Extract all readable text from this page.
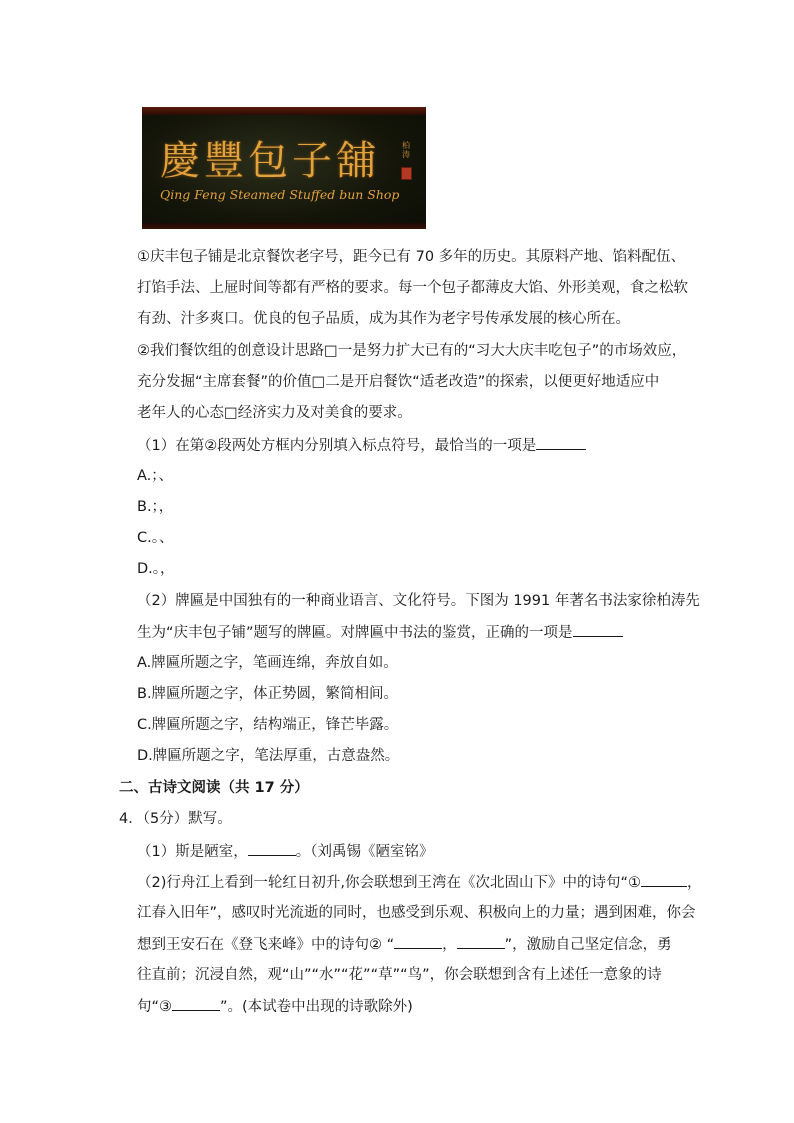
慶豐包子舖
Qing Feng Steamed Stuffed bun Shop
柏涛
①庆丰包子铺是北京餐饮老字号，距今已有 70 多年的历史。其原料产地、馅料配伍、
打馅手法、上屉时间等都有严格的要求。每一个包子都薄皮大馅、外形美观，食之松软
有劲、汁多爽口。优良的包子品质，成为其作为老字号传承发展的核心所在。
②我们餐饮组的创意设计思路□一是努力扩大已有的“习大大庆丰吃包子”的市场效应，
充分发掘“主席套餐”的价值□二是开启餐饮“适老改造”的探索，以便更好地适应中
老年人的心态□经济实力及对美食的要求。
（1）在第②段两处方框内分别填入标点符号，最恰当的一项是
A.；、
B.；，
C.。、
D.。，
（2）牌匾是中国独有的一种商业语言、文化符号。下图为 1991 年著名书法家徐柏涛先
生为“庆丰包子铺”题写的牌匾。对牌匾中书法的鉴赏，正确的一项是
A.牌匾所题之字，笔画连绵，奔放自如。
B.牌匾所题之字，体正势圆，繁简相间。
C.牌匾所题之字，结构端正，锋芒毕露。
D.牌匾所题之字，笔法厚重，古意盎然。
二、古诗文阅读（共 17 分）
4．（5分）默写。
（1）斯是陋室，	。（刘禹锡《陋室铭》
（2)行舟江上看到一轮红日初升,你会联想到王湾在《次北固山下》中的诗句“①	，
江春入旧年”，感叹时光流逝的同时，也感受到乐观、积极向上的力量；遇到困难，你会
想到王安石在《登飞来峰》中的诗句② “	，	”，激励自己坚定信念，勇
往直前；沉浸自然，观“山”“水”“花”“草”“鸟”，你会联想到含有上述任一意象的诗
句“③	”。(本试卷中出现的诗歌除外)
